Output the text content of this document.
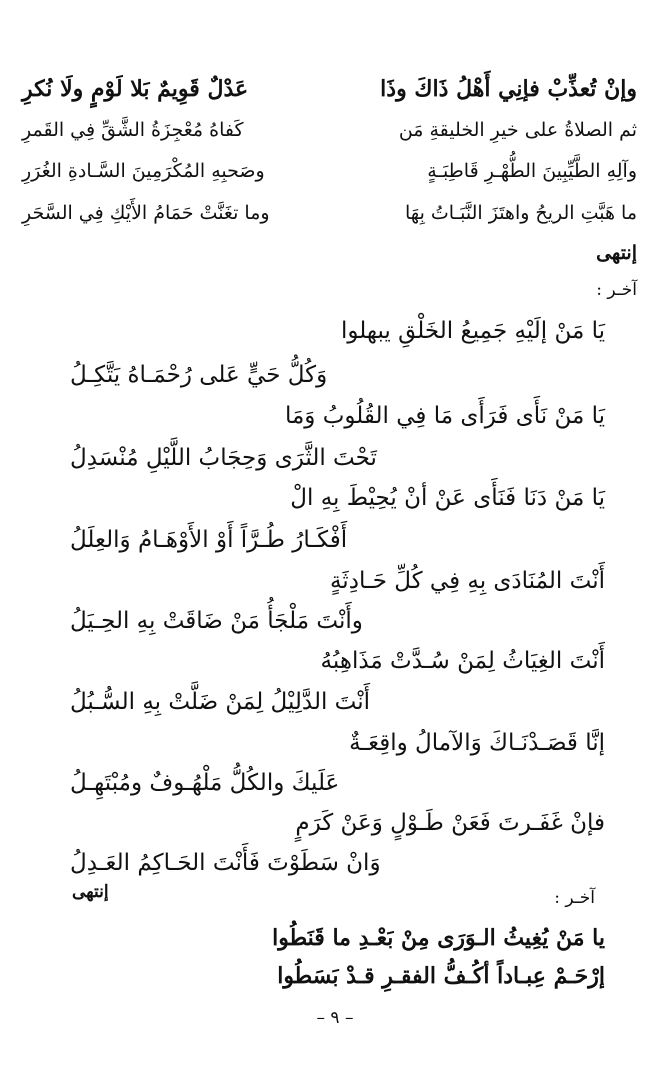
وإنْ تُعذِّبْ فإنِي أَهْلُ ذَاكَ وذَا
عَدْلٌ قَوِيمٌ بَلا لَوْمٍ ولَا نُكرِ
ثم الصلاةُ على خيرِ الخليقةِ مَن
كَفاهُ مُعْجِزَةُ الشَّقِّ فِي القَمرِ
وآلِهِ الطَّيِّبِينَ الطُّهْـرِ قَاطِبَـةٍ
وصَحبِهِ المُكْرَمِينَ السَّـادةِ الغُرَرِ
ما هَبَّتِ الريحُ واهتَزَ النَّبَـاتُ بِهَا
وما تغَنَّتْ حَمَامُ الأَيْكِ فِي السَّحَرِ
إنتهى
آخـر :
يَا مَنْ إلَيْهِ جَمِيعُ الخَلْقِ يبهلوا
وَكُلُّ حَيٍّ عَلى رُحْمَـاهُ يَتَّكِـلُ
يَا مَنْ نَأَى فَرَأَى مَا فِي القُلُوبُ وَمَا
تَحْتَ الثَّرَى وَحِجَابُ اللَّيْلِ مُنْسَدِلُ
يَا مَنْ دَنَا فَنَأَى عَنْ أنْ يُحِيْطَ بِهِ الْ
أَفْكَـارُ طُـرَّاً أَوْ الأَوْهَـامُ وَالعِلَلُ
أَنْتَ المُنَادَى بِهِ فِي كُلِّ حَـادِثَةٍ
وأَنْتَ مَلْجَأُ مَنْ ضَاقَتْ بِهِ الحِـيَلُ
أَنْتَ الغِيَاثُ لِمَنْ سُـدَّتْ مَذَاهِبُهُ
أَنْتَ الدَّلِيْلُ لِمَنْ ضَلَّتْ بِهِ السُّـبُلُ
إنَّا قَصَـدْنَـاكَ وَالآمالُ واقِعَـةٌ
عَلَيكَ والكُلُّ مَلْهُـوفٌ ومُبْتَهِـلُ
فإنْ غَفَـرتَ فَعَنْ طَـوْلٍ وَعَنْ كَرَمٍ
وَانْ سَطَوْتَ فَأَنْتَ الحَـاكِمُ العَـدِلُ
إنتهى	آخـر :
يا مَنْ يُغِيثُ الـوَرَى مِنْ بَعْـدِ ما قَنَطُوا
إرْحَـمْ عِبـاداً أكُـفُّ الفقـرِ قـدْ بَسَطُوا
– ٩ –
